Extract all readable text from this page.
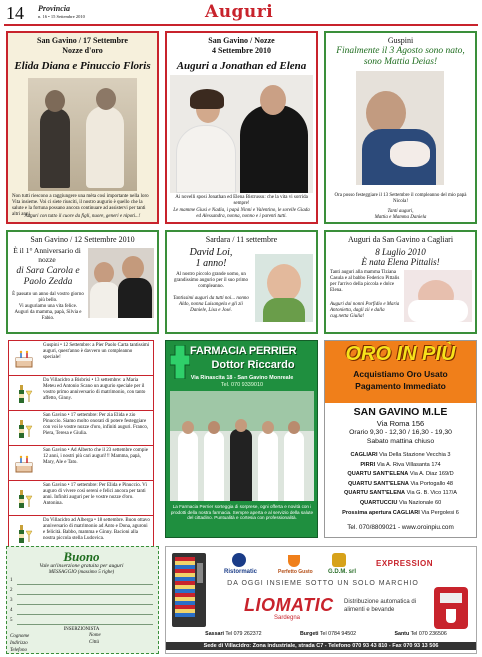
14 Provincia
n. 16 • 15 Settembre 2010	Auguri
San Gavino / 17 Settembre
Nozze d'oro
Elida Diana e Pinuccio Floris
Non tutti riescono a raggiungere una mèta così importante nella loro Vita insieme. Voi ci siete riusciti, il nostro augurio è quello che la salute e la fortuna possano ancora continuare ad assistervi per tanti altri anni.
Auguri con tutto il cuore da figli, nuore, generi e nipoti...!
San Gavino / Nozze
4 Settembre 2010
Auguri a Jonathan ed Elena
Ai novelli sposi Jonathan ed Elena Bistrussu: che la vita vi sorrida sempre!
Le mamme Giusi e Nadia, i papà Ninni e Valentino, le sorelle Giada ed Alessandra, nonna, nonno e i parenti tutti.
Guspini
Finalmente il 3 Agosto sono nato, sono Mattia Deias!
Ora posso festeggiare il 13 Settembre il compleanno del mio papà Nicola!
Tanti auguri,
Mattia e Mamma Daniela
San Gavino / 12 Settembre 2010
È il 1° Anniversario di nozze
di Sara Carola e Paolo Zedda
È passato un anno dal vostro giorno più bello.
Vi auguriamo una vita felice.
Auguri da mamma, papà, Silvia e Fabio.
Sardara / 11 settembre
David Loi,
1 anno!
Al nostro piccolo grande uomo, un grandissimo augurio per il suo primo compleanno.
Tantissimi auguri da tutti noi... nonno Aldo, nonna Luisangela e gli zii Daniele, Lisa e José.
Auguri da San Gavino a Cagliari
8 Luglio 2010
È nata Elena Pittalis!
Tanti auguri alla mamma Tiziana Casula e al babbo Federico Pittalis per l'arrivo della piccola e dolce Elena.
Auguri dai nonni Porfidio e Maria Antonietta, dagli zii e dalla cug.netta Giulia!
Guspini • 12 Settembre: a Pier Paolo Carta tantissimi auguri, quest'anno è davvero un compleanno speciale!
Da Villacidro a Bisbrisi • 13 settembre: a Maria Meteu ed Antonio Scano un augurio speciale per il vostro primo anniversario di matrimonio, con tanto affetto, Ginny.
San Gavino • 17 settembre: Per zia Elida e zio Pinuccio. Siamo molto onorati di potere festeggiare con voi le vostre nozze d'oro, infiniti auguri. Franco, Piera, Teresa e Giulia.
San Gavino • Ad Alberto che il 23 settembre compie 12 anni, i nostri più cari auguri!!! Mamma, papà, Mary, Ale e Tato.
San Gavino • 17 settembre: Per Elida e Pinuccio. Vi auguro di vivere così sereni e felici ancora per tanti anni. Infiniti auguri per le vostre nozze d'oro. Antonina.
Da Villacidro ad Alberga • 18 settembre. Buon ottavo anniversario di matrimonio ad Anto e Dona, aguroni e felicità. Babbo, mamma e Ginny. Bacioni alla nostra piccola stella Ludovica.
FARMACIA PERRIER
Dottor Riccardo
Via Rinascita 18 - San Gavino Monreale
Tel. 070 9339010
La Farmacia Perrier sorteggia di sorprese, ogni offerta e novità con i prodotti della nostra farmacia. Sempre aperta e al servizio della salute del cittadino. Puntualità e cortesia con professionalità.
ORO IN PIÙ
Acquistiamo Oro Usato
Pagamento Immediato
SAN GAVINO M.LE
Via Roma 156
Orario 9,30 - 12,30 / 16,30 - 19,30
Sabato mattina chiuso
CAGLIARI Via Della Stazione Vecchia 3
PIRRI Via A. Riva Villasanta 174
QUARTU SANT'ELENA Via A. Diaz 169/D
QUARTU SANT'ELENA Via Portogallo 48
QUARTU SANT'ELENA Via G. B. Vico 117/A
QUARTUCCIU Via Nazionale 60
Prossima apertura CAGLIARI Via Pergolesi 6
Tel. 070/8809021 - www.oroinpiu.com
Buono
Vale un'inserzione gratuita per auguri
MESSAGGIO (massimo 5 righe)
1
2
3
4
5
INSERZIONISTA
Cognome	Nome
Indirizzo	Città
Telefono
Ristormatic	Perfetto Gusto	G.D.M. srl
EXPRESSION
DA OGGI INSIEME SOTTO UN SOLO MARCHIO
LIOMATIC
Sardegna
Distribuzione automatica di alimenti e bevande
Sassari Tel 079 262372	Burgeti Tel 0784 94502	Santu Tel 070 236506
Sede di Villacidro: Zona industriale, strada C7 - Telefono 070 93 43 810 - Fax 070 93 13 506
